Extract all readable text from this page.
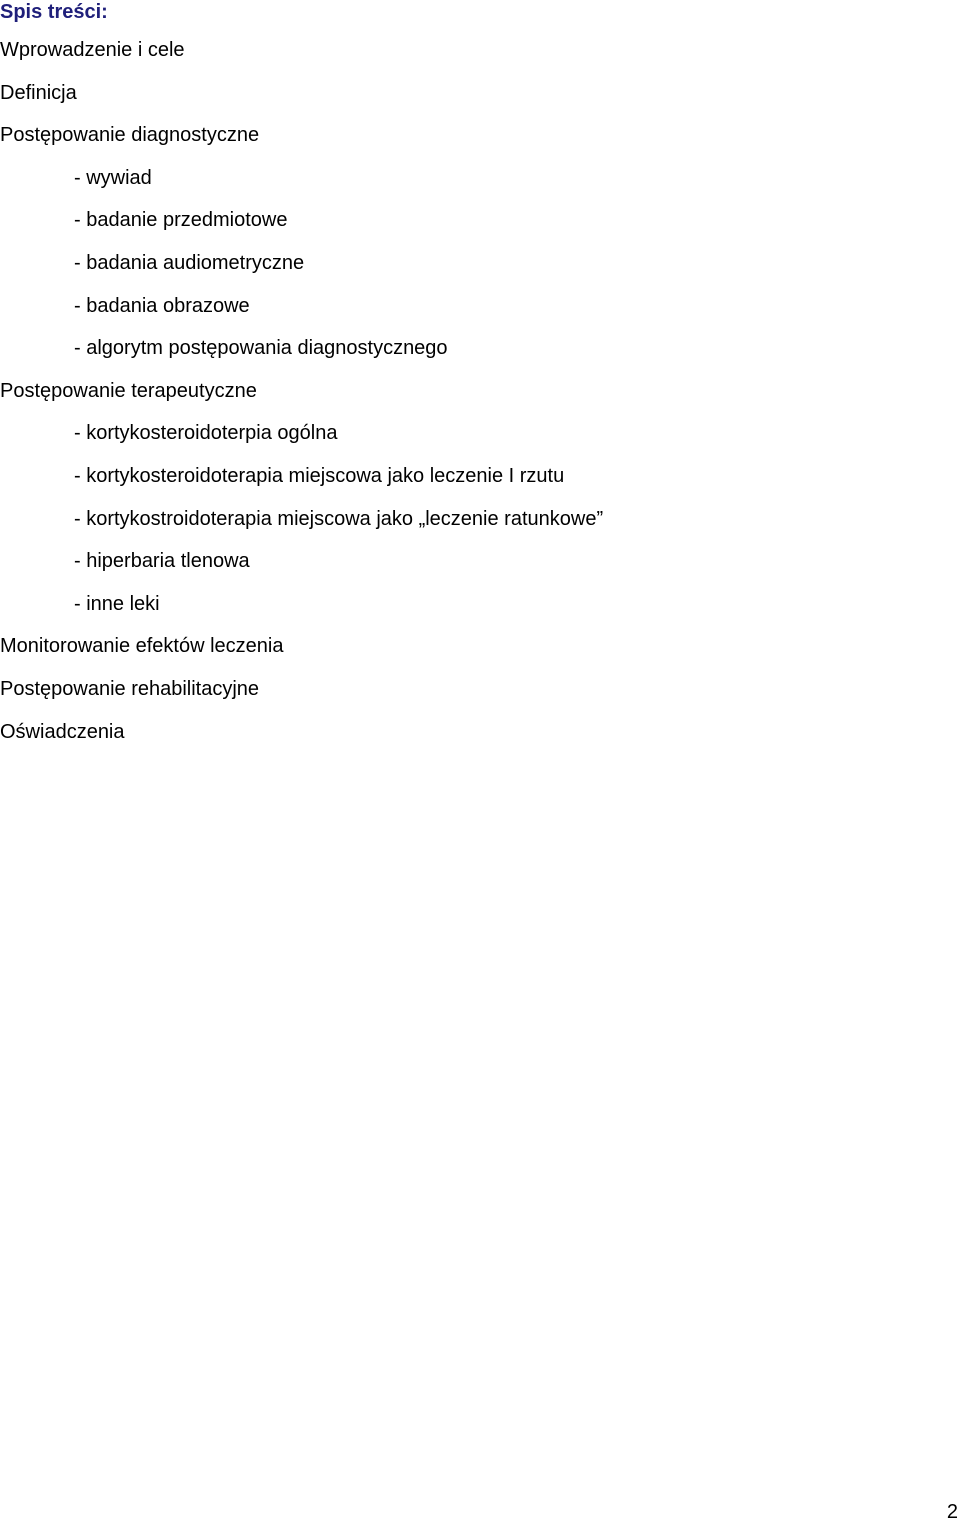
Spis treści:
Wprowadzenie i cele
Definicja
Postępowanie diagnostyczne
- wywiad
- badanie przedmiotowe
- badania audiometryczne
- badania obrazowe
- algorytm postępowania diagnostycznego
Postępowanie terapeutyczne
- kortykosteroidoterpia ogólna
- kortykosteroidoterapia miejscowa jako leczenie I rzutu
- kortykostroidoterapia miejscowa jako „leczenie ratunkowe”
- hiperbaria tlenowa
- inne leki
Monitorowanie efektów leczenia
Postępowanie rehabilitacyjne
Oświadczenia
2
